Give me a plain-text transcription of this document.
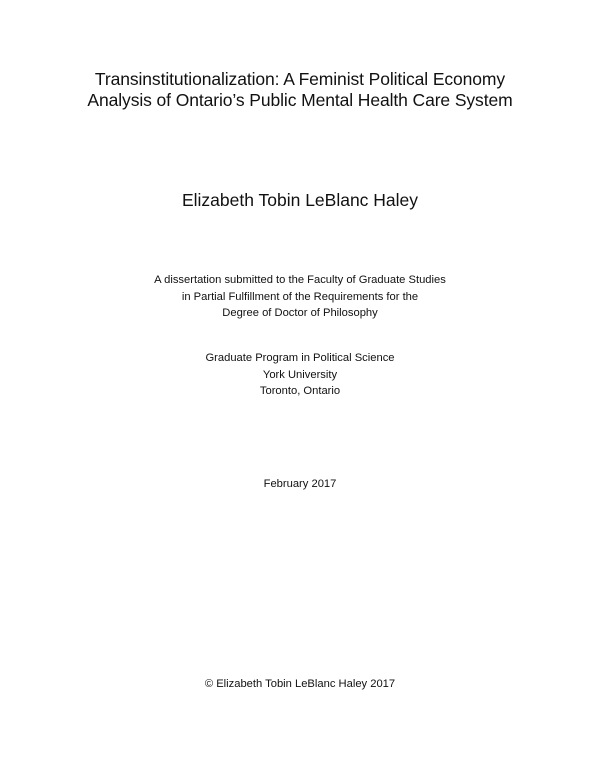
Transinstitutionalization: A Feminist Political Economy
Analysis of Ontario’s Public Mental Health Care System
Elizabeth Tobin LeBlanc Haley
A dissertation submitted to the Faculty of Graduate Studies
in Partial Fulfillment of the Requirements for the
Degree of Doctor of Philosophy
Graduate Program in Political Science
York University
Toronto, Ontario
February 2017
© Elizabeth Tobin LeBlanc Haley 2017
